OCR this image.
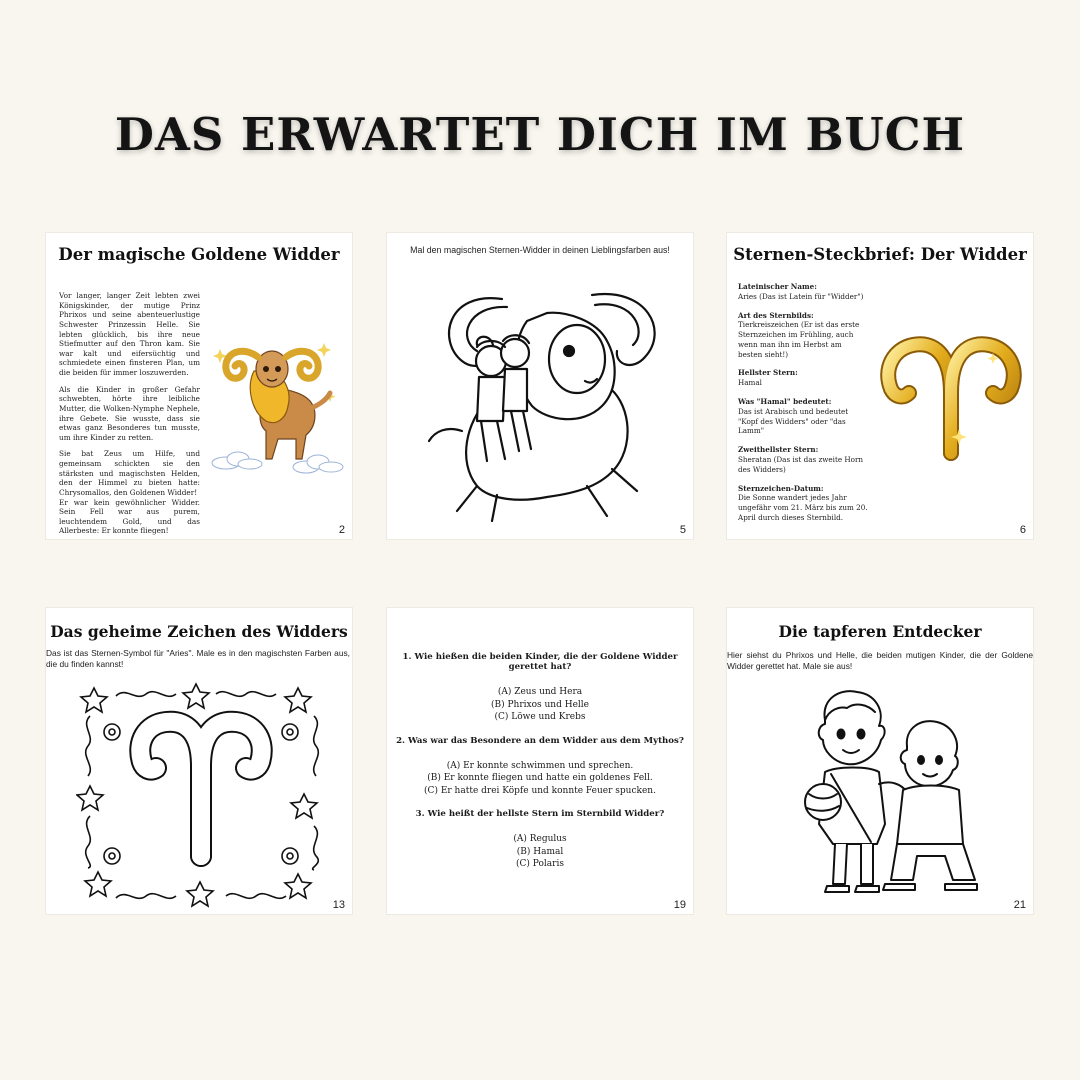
DAS ERWARTET DICH IM BUCH
Der magische Goldene Widder

Vor langer, langer Zeit lebten zwei Königskinder, der mutige Prinz Phrixos und seine abenteuerlustige Schwester Prinzessin Helle. Sie lebten glücklich, bis ihre neue Stiefmutter auf den Thron kam. Sie war kalt und eifersüchtig und schmiedete einen finsteren Plan, um die beiden für immer loszuwerden.

Als die Kinder in großer Gefahr schwebten, hörte ihre leibliche Mutter, die Wolken-Nymphe Nephele, ihre Gebete. Sie wusste, dass sie etwas ganz Besonderes tun musste, um ihre Kinder zu retten.

Sie bat Zeus um Hilfe, und gemeinsam schickten sie den stärksten und magischsten Helden, den der Himmel zu bieten hatte: Chrysomallos, den Goldenen Widder!

Er war kein gewöhnlicher Widder. Sein Fell war aus purem, leuchtendem Gold, und das Allerbeste: Er konnte fliegen!	2
Mal den magischen Sternen-Widder in deinen Lieblingsfarben aus!
5
Sternen-Steckbrief: Der Widder
Lateinischer Name:
Aries (Das ist Latein für "Widder")
Art des Sternbilds:
Tierkreiszeichen (Er ist das erste Sternzeichen im Frühling, auch wenn man ihn im Herbst am besten sieht!)
Hellster Stern:
Hamal
Was "Hamal" bedeutet:
Das ist Arabisch und bedeutet "Kopf des Widders" oder "das Lamm"
Zweithellster Stern:
Sheratan (Das ist das zweite Horn des Widders)
Sternzeichen-Datum:
Die Sonne wandert jedes Jahr ungefähr vom 21. März bis zum 20. April durch dieses Sternbild.
6
Das geheime Zeichen des Widders
Das ist das Sternen-Symbol für "Aries". Male es in den magischsten Farben aus, die du finden kannst!
13
1. Wie hießen die beiden Kinder, die der Goldene Widder gerettet hat?
(A) Zeus und Hera
(B) Phrixos und Helle
(C) Löwe und Krebs
2. Was war das Besondere an dem Widder aus dem Mythos?
(A) Er konnte schwimmen und sprechen.
(B) Er konnte fliegen und hatte ein goldenes Fell.
(C) Er hatte drei Köpfe und konnte Feuer spucken.
3. Wie heißt der hellste Stern im Sternbild Widder?
(A) Regulus
(B) Hamal
(C) Polaris
19
Die tapferen Entdecker
Hier siehst du Phrixos und Helle, die beiden mutigen Kinder, die der Goldene Widder gerettet hat. Male sie aus!
21
